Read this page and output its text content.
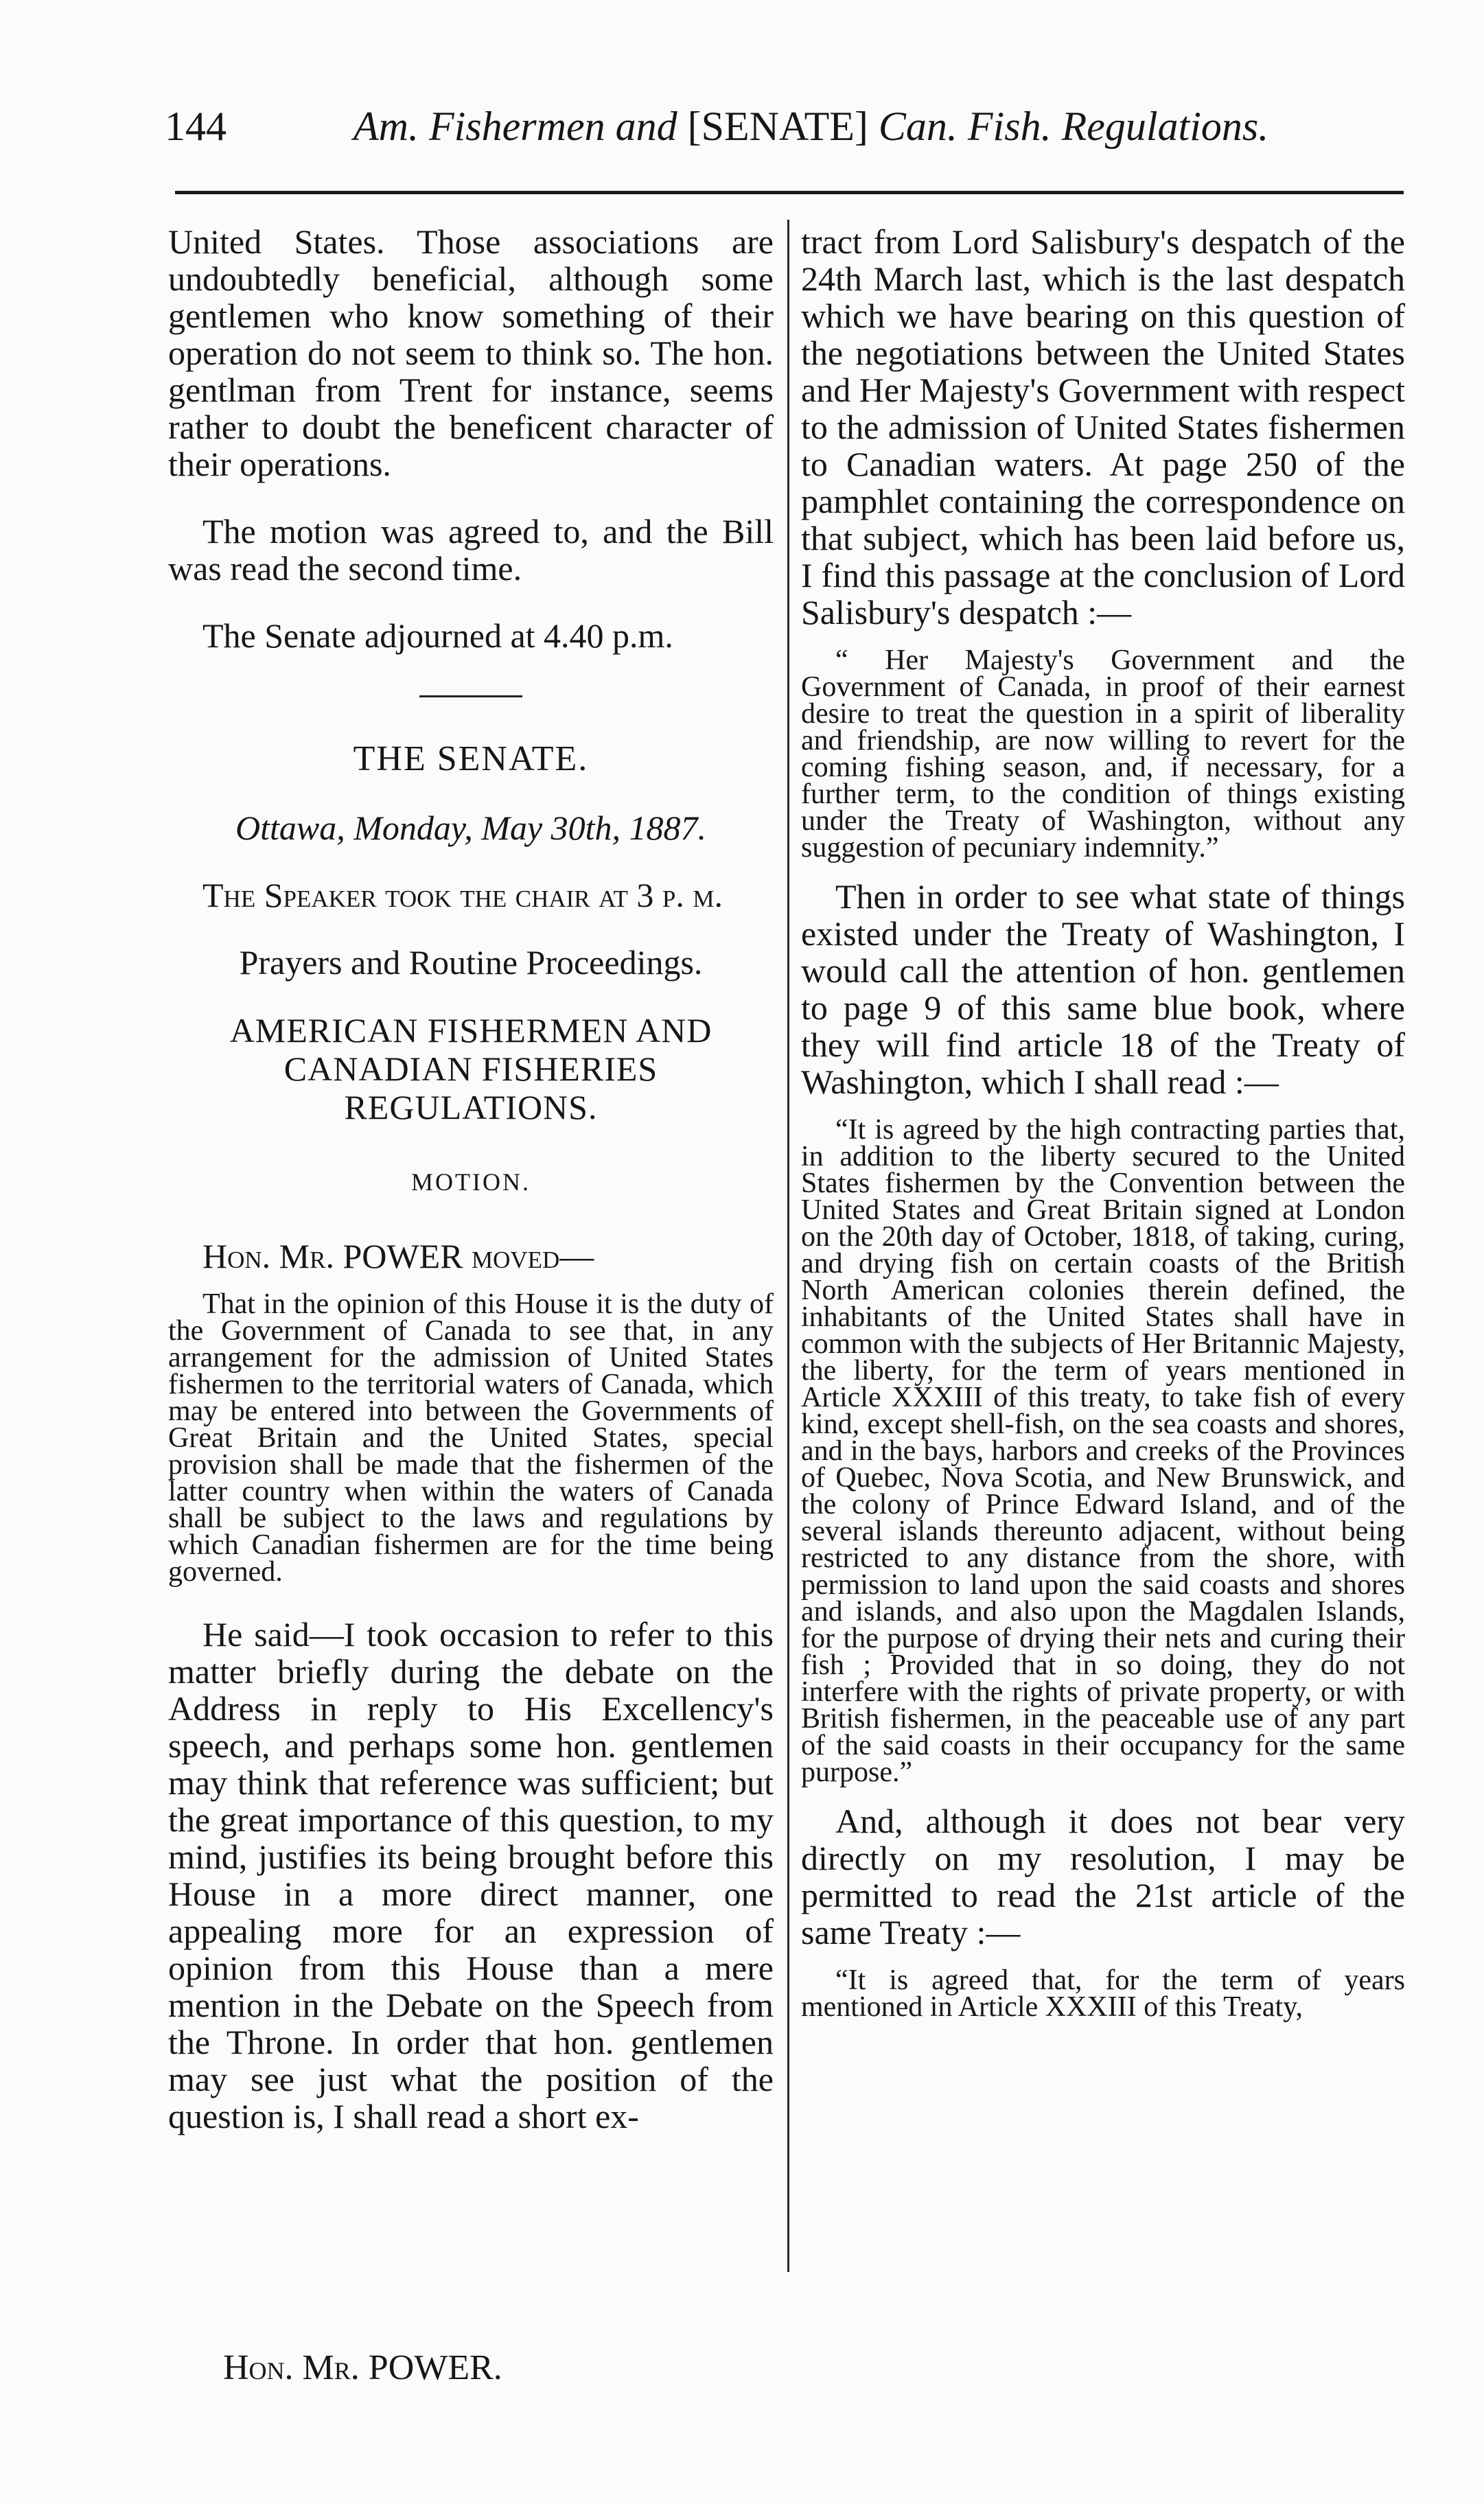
144	Am. Fishermen and [SENATE] Can. Fish. Regulations.

United States. Those associations are undoubtedly beneficial, although some gentlemen who know something of their operation do not seem to think so. The hon. gentlman from Trent for instance, seems rather to doubt the beneficent character of their operations.

The motion was agreed to, and the Bill was read the second time.

The Senate adjourned at 4.40 p.m.

THE SENATE.

Ottawa, Monday, May 30th, 1887.

The Speaker took the chair at 3 p. m.

Prayers and Routine Proceedings.

AMERICAN FISHERMEN AND CANADIAN FISHERIES REGULATIONS.

MOTION.

Hon. Mr. POWER moved—

That in the opinion of this House it is the duty of the Government of Canada to see that, in any arrangement for the admission of United States fishermen to the territorial waters of Canada, which may be entered into between the Governments of Great Britain and the United States, special provision shall be made that the fishermen of the latter country when within the waters of Canada shall be subject to the laws and regulations by which Canadian fishermen are for the time being governed.

He said—I took occasion to refer to this matter briefly during the debate on the Address in reply to His Excellency's speech, and perhaps some hon. gentlemen may think that reference was sufficient; but the great importance of this question, to my mind, justifies its being brought before this House in a more direct manner, one appealing more for an expression of opinion from this House than a mere mention in the Debate on the Speech from the Throne. In order that hon. gentlemen may see just what the position of the question is, I shall read a short ex-

tract from Lord Salisbury's despatch of the 24th March last, which is the last despatch which we have bearing on this question of the negotiations between the United States and Her Majesty's Government with respect to the admission of United States fishermen to Canadian waters. At page 250 of the pamphlet containing the correspondence on that subject, which has been laid before us, I find this passage at the conclusion of Lord Salisbury's despatch :—

“ Her Majesty's Government and the Government of Canada, in proof of their earnest desire to treat the question in a spirit of liberality and friendship, are now willing to revert for the coming fishing season, and, if necessary, for a further term, to the condition of things existing under the Treaty of Washington, without any suggestion of pecuniary indemnity.”

Then in order to see what state of things existed under the Treaty of Washington, I would call the attention of hon. gentlemen to page 9 of this same blue book, where they will find article 18 of the Treaty of Washington, which I shall read :—

“It is agreed by the high contracting parties that, in addition to the liberty secured to the United States fishermen by the Convention between the United States and Great Britain signed at London on the 20th day of October, 1818, of taking, curing, and drying fish on certain coasts of the British North American colonies therein defined, the inhabitants of the United States shall have in common with the subjects of Her Britannic Majesty, the liberty, for the term of years mentioned in Article XXXIII of this treaty, to take fish of every kind, except shell-fish, on the sea coasts and shores, and in the bays, harbors and creeks of the Provinces of Quebec, Nova Scotia, and New Brunswick, and the colony of Prince Edward Island, and of the several islands thereunto adjacent, without being restricted to any distance from the shore, with permission to land upon the said coasts and shores and islands, and also upon the Magdalen Islands, for the purpose of drying their nets and curing their fish ; Provided that in so doing, they do not interfere with the rights of private property, or with British fishermen, in the peaceable use of any part of the said coasts in their occupancy for the same purpose.”

And, although it does not bear very directly on my resolution, I may be permitted to read the 21st article of the same Treaty :—

“It is agreed that, for the term of years mentioned in Article XXXIII of this Treaty,

Hon. Mr. POWER.
